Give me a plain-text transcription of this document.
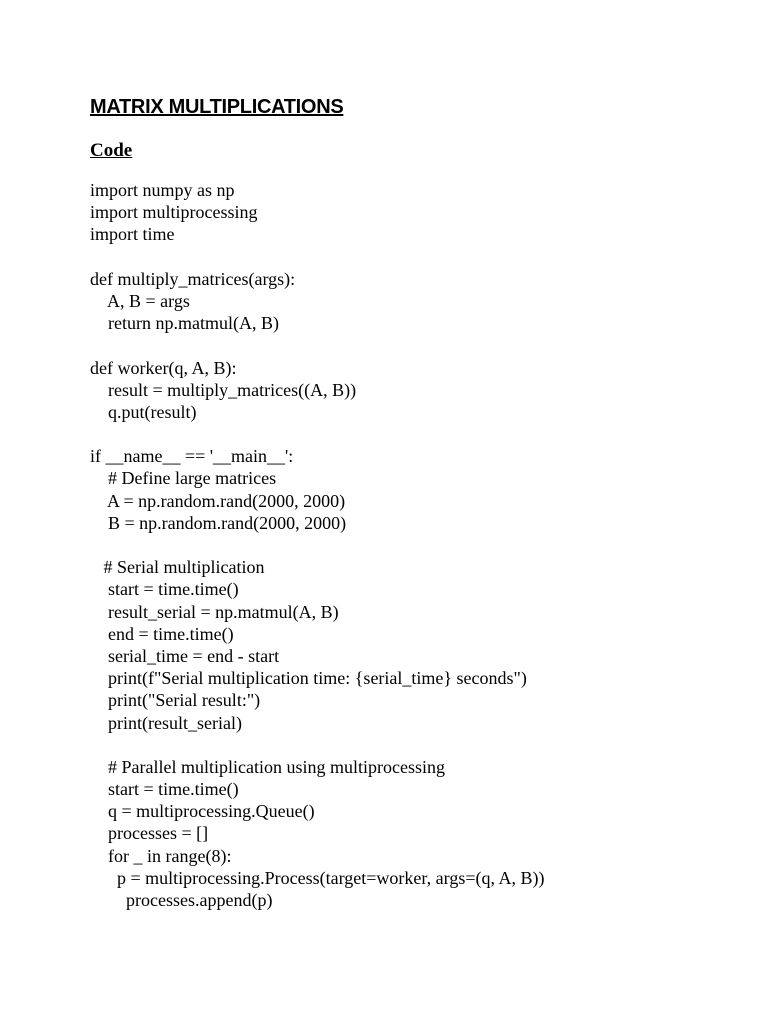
MATRIX MULTIPLICATIONS
Code
import numpy as np
import multiprocessing
import time
def multiply_matrices(args):
A, B = args
return np.matmul(A, B)
def worker(q, A, B):
result = multiply_matrices((A, B))
q.put(result)
if __name__ == '__main__':
# Define large matrices
A = np.random.rand(2000, 2000)
B = np.random.rand(2000, 2000)
# Serial multiplication
start = time.time()
result_serial = np.matmul(A, B)
end = time.time()
serial_time = end - start
print(f"Serial multiplication time: {serial_time} seconds")
print("Serial result:")
print(result_serial)
# Parallel multiplication using multiprocessing
start = time.time()
q = multiprocessing.Queue()
processes = []
for _ in range(8):
p = multiprocessing.Process(target=worker, args=(q, A, B))
processes.append(p)
